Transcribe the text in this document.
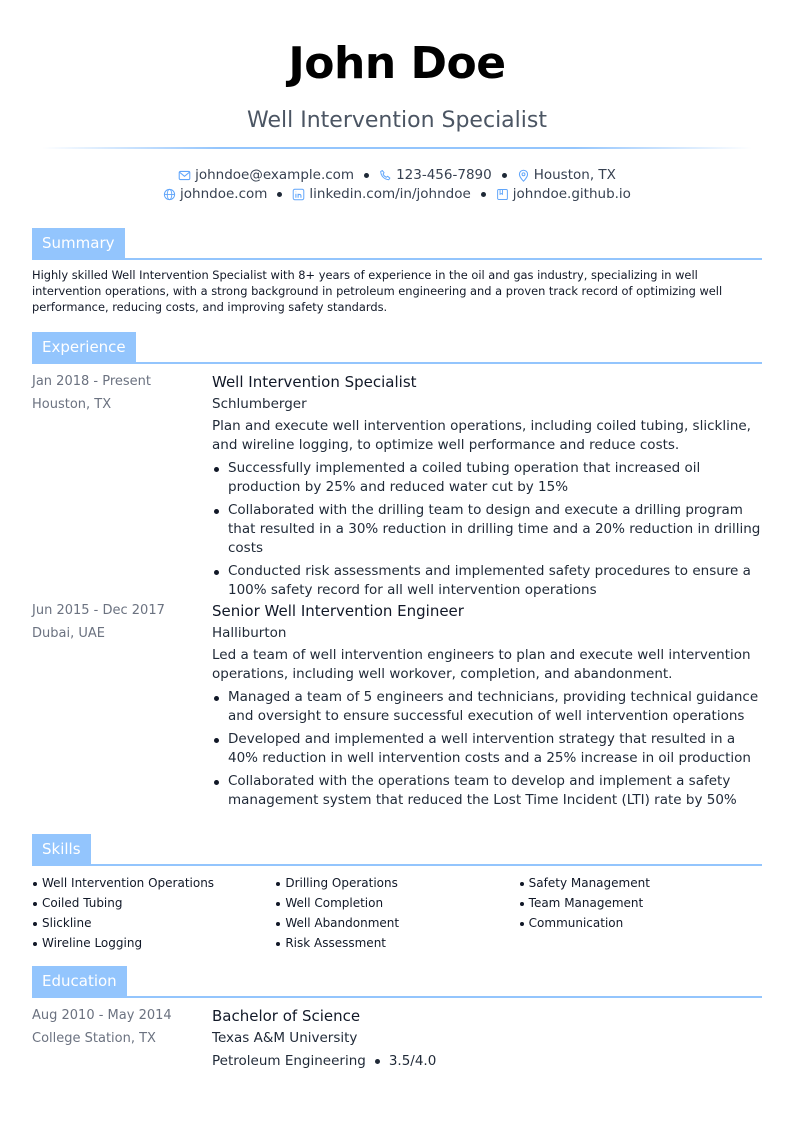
John Doe
Well Intervention Specialist
johndoe@example.com	123-456-7890	Houston, TX
johndoe.com	linkedin.com/in/johndoe	johndoe.github.io
Summary
Highly skilled Well Intervention Specialist with 8+ years of experience in the oil and gas industry, specializing in well intervention operations, with a strong background in petroleum engineering and a proven track record of optimizing well performance, reducing costs, and improving safety standards.
Experience
Jan 2018 - Present
Houston, TX
Well Intervention Specialist
Schlumberger
Plan and execute well intervention operations, including coiled tubing, slickline, and wireline logging, to optimize well performance and reduce costs.
Successfully implemented a coiled tubing operation that increased oil production by 25% and reduced water cut by 15%
Collaborated with the drilling team to design and execute a drilling program that resulted in a 30% reduction in drilling time and a 20% reduction in drilling costs
Conducted risk assessments and implemented safety procedures to ensure a 100% safety record for all well intervention operations
Jun 2015 - Dec 2017
Dubai, UAE
Senior Well Intervention Engineer
Halliburton
Led a team of well intervention engineers to plan and execute well intervention operations, including well workover, completion, and abandonment.
Managed a team of 5 engineers and technicians, providing technical guidance and oversight to ensure successful execution of well intervention operations
Developed and implemented a well intervention strategy that resulted in a 40% reduction in well intervention costs and a 25% increase in oil production
Collaborated with the operations team to develop and implement a safety management system that reduced the Lost Time Incident (LTI) rate by 50%
Skills
Well Intervention Operations
Coiled Tubing
Slickline
Wireline Logging
Drilling Operations
Well Completion
Well Abandonment
Risk Assessment
Safety Management
Team Management
Communication
Education
Aug 2010 - May 2014
College Station, TX
Bachelor of Science
Texas A&M University
Petroleum Engineering 3.5/4.0
